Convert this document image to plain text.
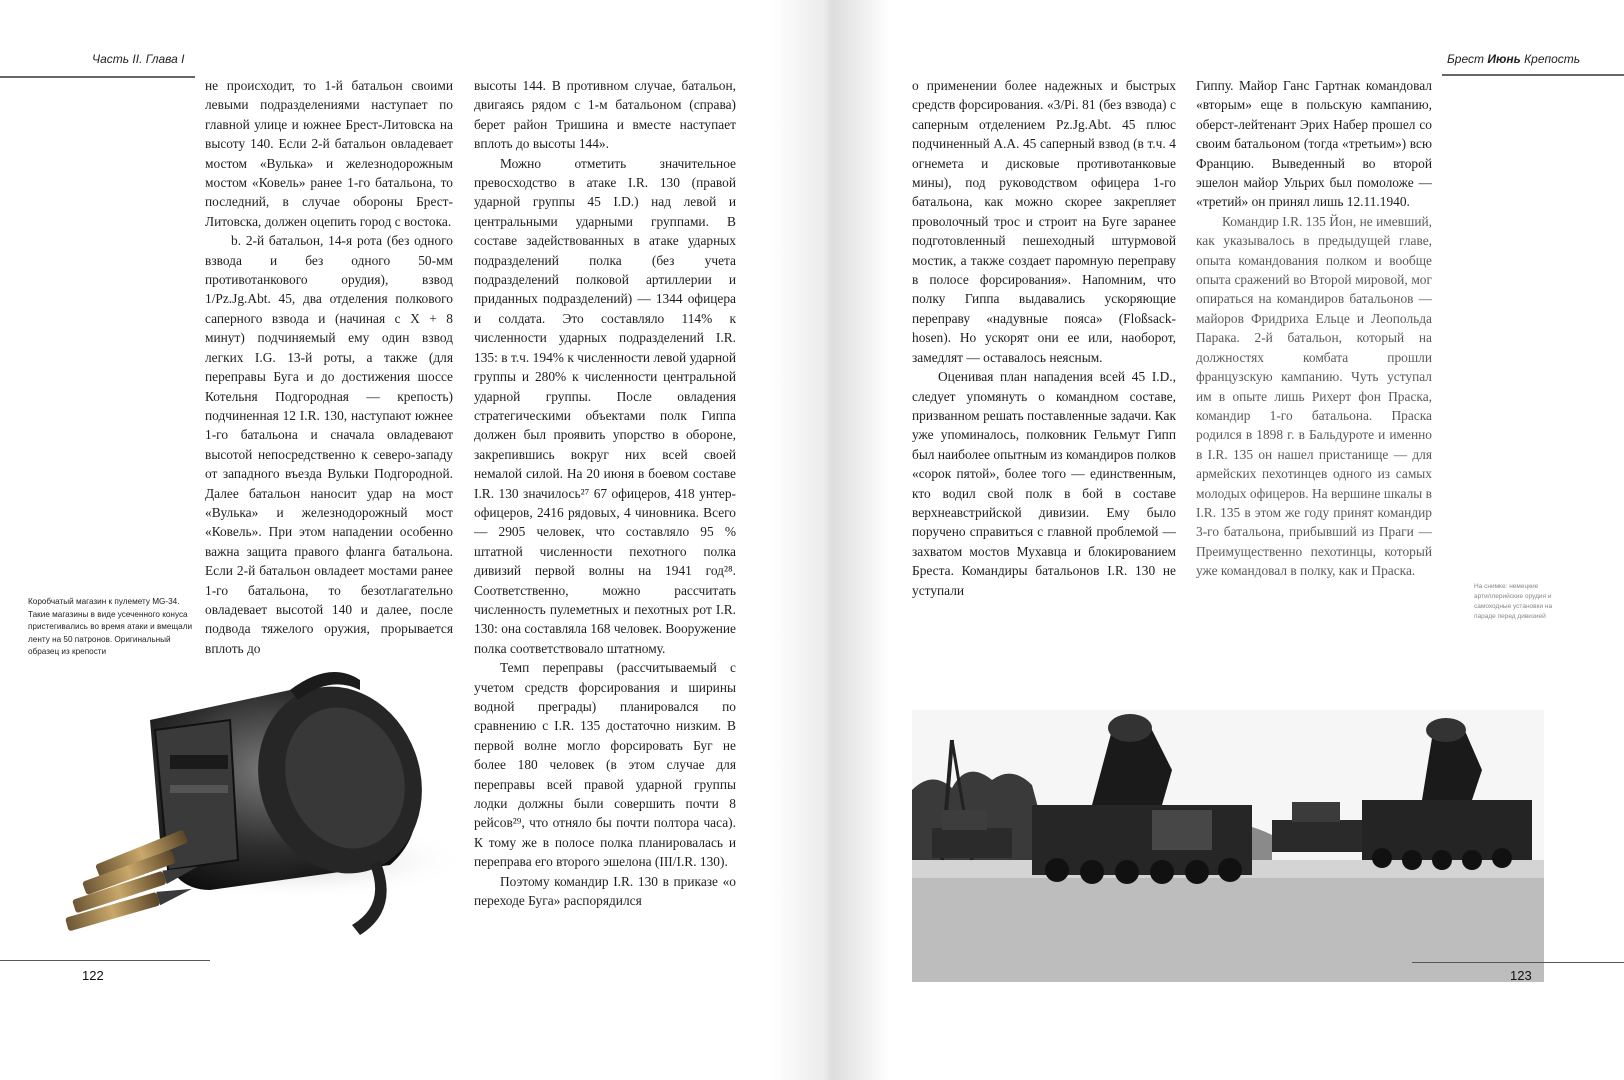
Часть II. Глава I	Брест Июнь Крепость

не происходит, то 1-й батальон своими левыми подразделениями наступает по главной улице и южнее Брест-Литовска на высоту 140. Если 2-й батальон овладевает мостом «Вулька» и железнодорожным мостом «Ковель» ранее 1-го батальона, то последний, в случае обороны Брест-Литовска, должен оцепить город с востока.

b. 2-й батальон, 14-я рота (без одного взвода и без одного 50-мм противотанкового орудия), взвод 1/Pz.Jg.Abt. 45, два отделения полкового саперного взвода и (начиная с X + 8 минут) подчиняемый ему один взвод легких I.G. 13-й роты, а также (для переправы Буга и до достижения шоссе Котельня Подгородная — крепость) подчиненная 12 I.R. 130, наступают южнее 1-го батальона и сначала овладевают высотой непосредственно к северо-западу от западного въезда Вульки Подгородной. Далее батальон наносит удар на мост «Вулька» и железнодорожный мост «Ковель». При этом нападении особенно важна защита правого фланга батальона. Если 2-й батальон овладеет мостами ранее 1-го батальона, то безотлагательно овладевает высотой 140 и далее, после подвода тяжелого оружия, прорывается вплоть до

высоты 144. В противном случае, батальон, двигаясь рядом с 1-м батальоном (справа) берет район Тришина и вместе наступает вплоть до высоты 144».

Можно отметить значительное превосходство в атаке I.R. 130 (правой ударной группы 45 I.D.) над левой и центральными ударными группами. В составе задействованных в атаке ударных подразделений полка (без учета подразделений полковой артиллерии и приданных подразделений) — 1344 офицера и солдата. Это составляло 114% к численности ударных подразделений I.R. 135: в т.ч. 194% к численности левой ударной группы и 280% к численности центральной ударной группы. После овладения стратегическими объектами полк Гиппа должен был проявить упорство в обороне, закрепившись вокруг них всей своей немалой силой. На 20 июня в боевом составе I.R. 130 значилось²⁷ 67 офицеров, 418 унтер-офицеров, 2416 рядовых, 4 чиновника. Всего — 2905 человек, что составляло 95 % штатной численности пехотного полка дивизий первой волны на 1941 год²⁸. Соответственно, можно рассчитать численность пулеметных и пехотных рот I.R. 130: она составляла 168 человек. Вооружение полка соответствовало штатному.

Темп переправы (рассчитываемый с учетом средств форсирования и ширины водной преграды) планировался по сравнению с I.R. 135 достаточно низким. В первой волне могло форсировать Буг не более 180 человек (в этом случае для переправы всей правой ударной группы лодки должны были совершить почти 8 рейсов²⁹, что отняло бы почти полтора часа). К тому же в полосе полка планировалась и переправа его второго эшелона (III/I.R. 130).

Поэтому командир I.R. 130 в приказе «о переходе Буга» распорядился

о применении более надежных и быстрых средств форсирования. «3/Pi. 81 (без взвода) с саперным отделением Pz.Jg.Abt. 45 плюс подчиненный A.A. 45 саперный взвод (в т.ч. 4 огнемета и дисковые противотанковые мины), под руководством офицера 1-го батальона, как можно скорее закрепляет проволочный трос и строит на Буге заранее подготовленный пешеходный штурмовой мостик, а также создает паромную переправу в полосе форсирования». Напомним, что полку Гиппа выдавались ускоряющие переправу «надувные пояса» (Floßsack-hosen). Но ускорят они ее или, наоборот, замедлят — оставалось неясным.

Оценивая план нападения всей 45 I.D., следует упомянуть о командном составе, призванном решать поставленные задачи. Как уже упоминалось, полковник Гельмут Гипп был наиболее опытным из командиров полков «сорок пятой», более того — единственным, кто водил свой полк в бой в составе верхнеавстрийской дивизии. Ему было поручено справиться с главной проблемой — захватом мостов Мухавца и блокированием Бреста. Командиры батальонов I.R. 130 не уступали

Гиппу. Майор Ганс Гартнак командовал «вторым» еще в польскую кампанию, оберст-лейтенант Эрих Набер прошел со своим батальоном (тогда «третьим») всю Францию. Выведенный во второй эшелон майор Ульрих был помоложе — «третий» он принял лишь 12.11.1940.

Командир I.R. 135 Йон, не имевший, как указывалось в предыдущей главе, опыта командования полком и вообще опыта сражений во Второй мировой, мог опираться на командиров батальонов — майоров Фридриха Ельце и Леопольда Парака. 2-й батальон, который на должностях комбата прошли французскую кампанию. Чуть уступал им в опыте лишь Рихерт фон Праска, командир 1-го батальона. Праска родился в 1898 г. в Бальдуроте и именно в I.R. 135 он нашел пристанище — для армейских пехотинцев одного из самых молодых офицеров. На вершине шкалы в I.R. 135 в этом же году принят командир 3-го батальона, прибывший из Праги — Преимущественно пехотинцы, который уже командовал в полку, как и Праска.

Коробчатый магазин к пулемету МG-34. Такие магазины в виде усеченного конуса пристегивались во время атаки и вмещали ленту на 50 патронов. Оригинальный образец из крепости
На снимке: немецкие артиллерийские орудия и самоходные установки на параде перед дивизией
122	123
